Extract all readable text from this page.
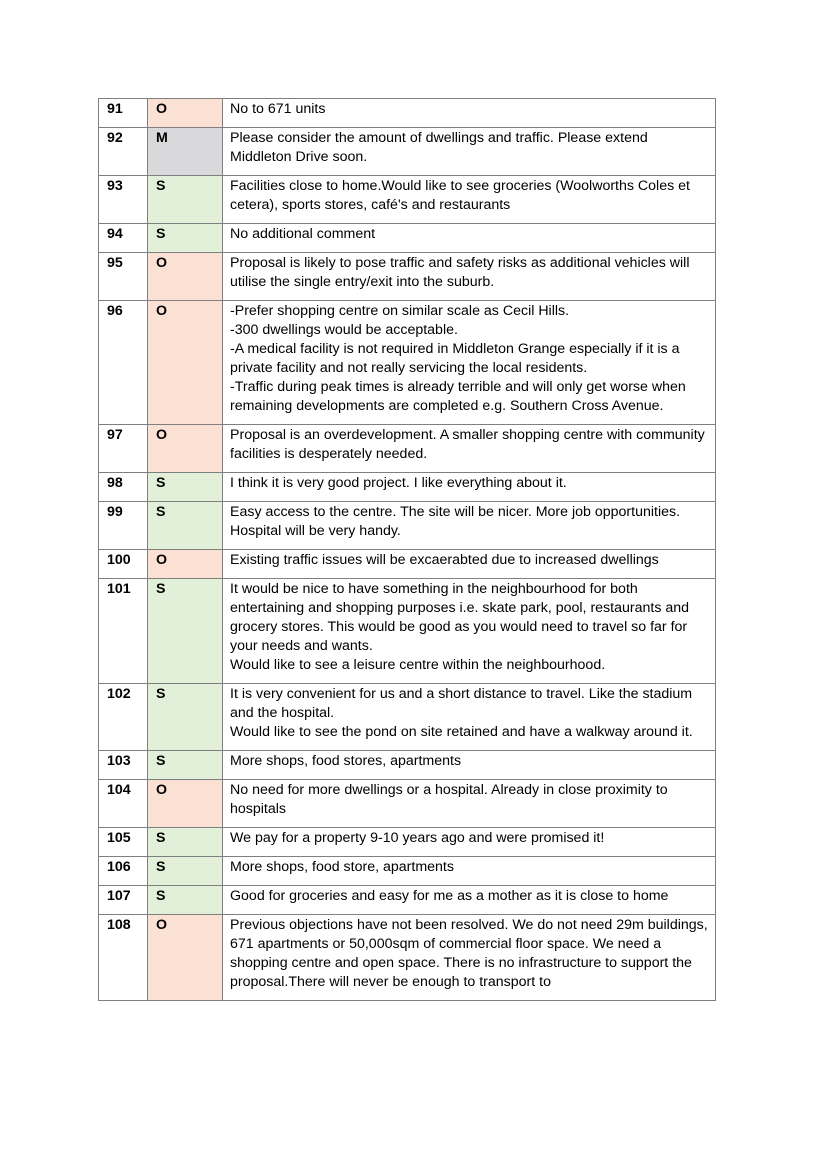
91	O	No to 671 units

92	M	Please consider the amount of dwellings and traffic. Please extend Middleton Drive soon.

93	S	Facilities close to home.Would like to see groceries (Woolworths Coles et cetera), sports stores, café's and restaurants

94	S	No additional comment

95	O	Proposal is likely to pose traffic and safety risks as additional vehicles will utilise the single entry/exit into the suburb.

96	O	-Prefer shopping centre on similar scale as Cecil Hills.
-300 dwellings would be acceptable.
-A medical facility is not required in Middleton Grange especially if it is a private facility and not really servicing the local residents.
-Traffic during peak times is already terrible and will only get worse when remaining developments are completed e.g. Southern Cross Avenue.

97	O	Proposal is an overdevelopment. A smaller shopping centre with community facilities is desperately needed.

98	S	I think it is very good project. I like everything about it.

99	S	Easy access to the centre. The site will be nicer. More job opportunities. Hospital will be very handy.

100	O	Existing traffic issues will be excaerabted due to increased dwellings

101	S	It would be nice to have something in the neighbourhood for both entertaining and shopping purposes i.e. skate park, pool, restaurants and grocery stores. This would be good as you would need to travel so far for your needs and wants.
Would like to see a leisure centre within the neighbourhood.

102	S	It is very convenient for us and a short distance to travel. Like the stadium and the hospital.
Would like to see the pond on site retained and have a walkway around it.

103	S	More shops, food stores, apartments

104	O	No need for more dwellings or a hospital. Already in close proximity to hospitals

105	S	We pay for a property 9-10 years ago and were promised it!

106	S	More shops, food store, apartments

107	S	Good for groceries and easy for me as a mother as it is close to home

108	O	Previous objections have not been resolved. We do not need 29m buildings, 671 apartments or 50,000sqm of commercial floor space. We need a shopping centre and open space. There is no infrastructure to support the proposal.There will never be enough to transport to
